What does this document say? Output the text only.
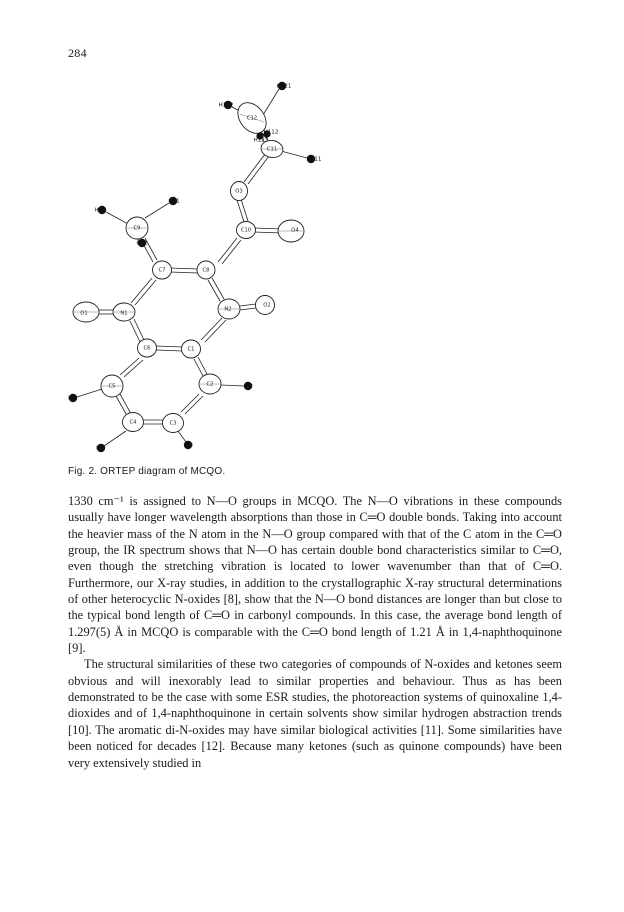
284
C12
C11
O3
C10	O4
C9
C7	C8
O1	N1
N2
O2
C6	C1
C5	C2
C4	C3
H121
H122
H112
H123
H111
H91
H93
H92
H5
H2
H4	H3
Fig. 2. ORTEP diagram of MCQO.

1330 cm⁻¹ is assigned to N—O groups in MCQO. The N—O vibrations in these compounds usually have longer wavelength absorptions than those in C═O double bonds. Taking into account the heavier mass of the N atom in the N—O group compared with that of the C atom in the C═O group, the IR spectrum shows that N—O has certain double bond characteristics similar to C═O, even though the stretching vibration is located to lower wavenumber than that of C═O. Furthermore, our X-ray studies, in addition to the crystallographic X-ray structural determinations of other heterocyclic N-oxides [8], show that the N—O bond distances are longer than but close to the typical bond length of C═O in carbonyl compounds. In this case, the average bond length of 1.297(5) Å in MCQO is comparable with the C═O bond length of 1.21 Å in 1,4-naphthoquinone [9].

The structural similarities of these two categories of compounds of N-oxides and ketones seem obvious and will inexorably lead to similar properties and behaviour. Thus as has been demonstrated to be the case with some ESR studies, the photoreaction systems of quinoxaline 1,4-dioxides and of 1,4-naphthoquinone in certain solvents show similar hydrogen abstraction trends [10]. The aromatic di-N-oxides may have similar biological activities [11]. Some similarities have been noticed for decades [12]. Because many ketones (such as quinone compounds) have been very extensively studied in
